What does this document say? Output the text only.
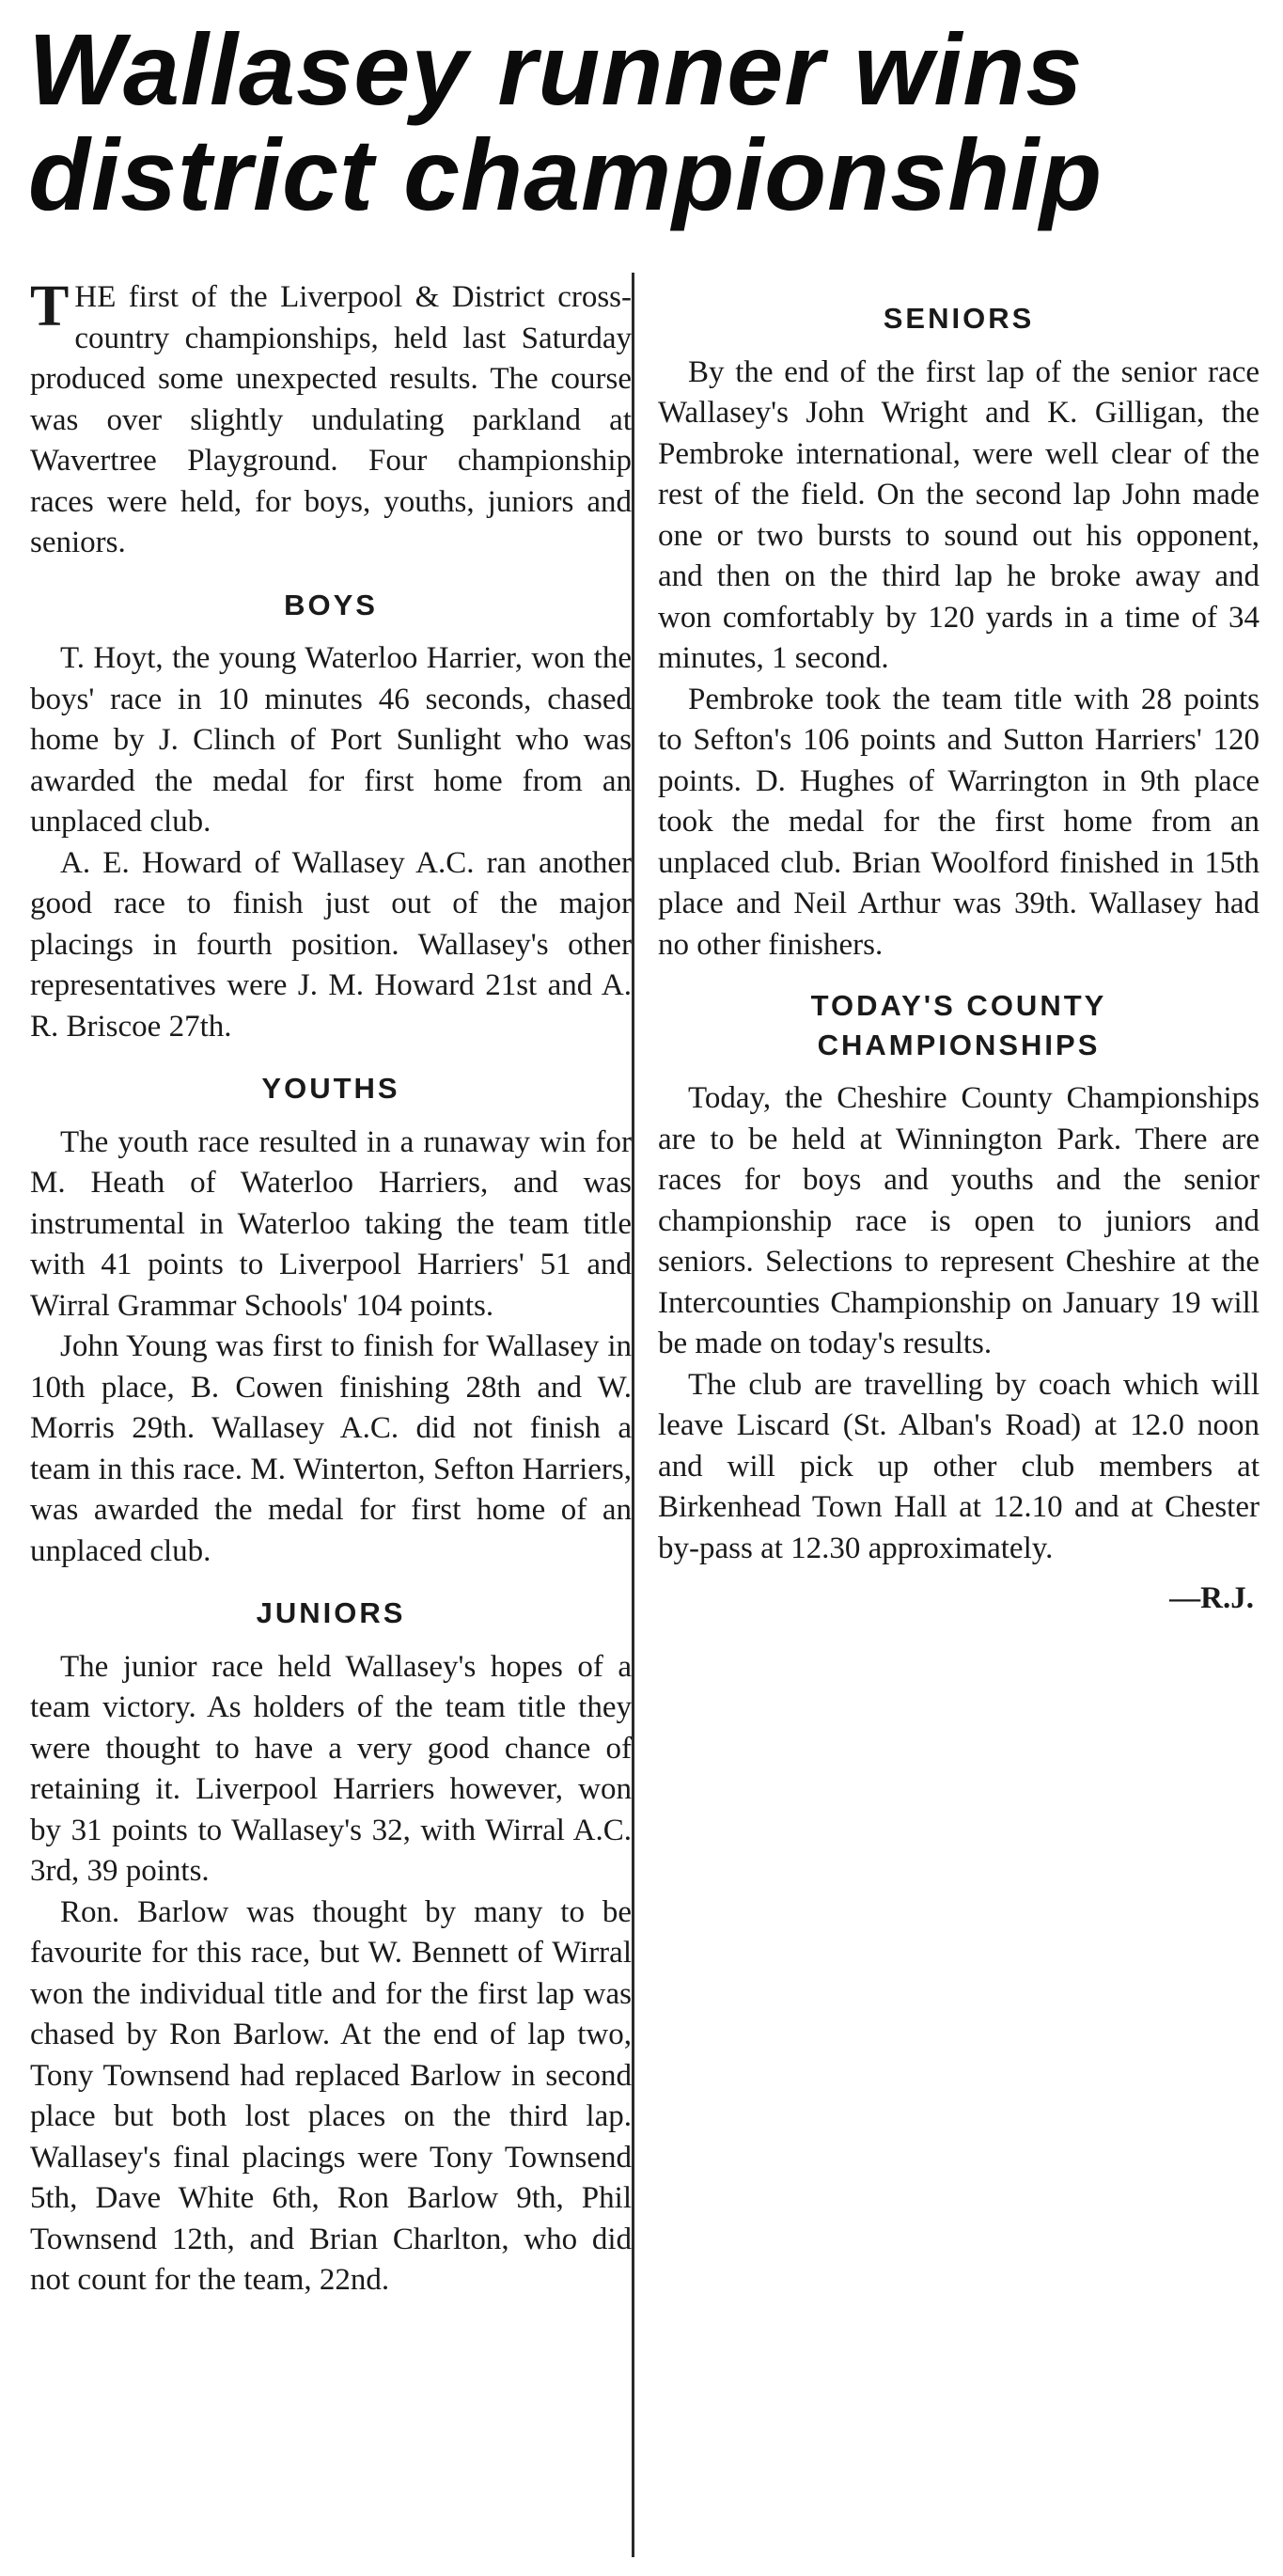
Wallasey runner wins
district championship

THE first of the Liverpool & District cross-country championships, held last Saturday produced some unexpected results. The course was over slightly undulating parkland at Wavertree Playground. Four championship races were held, for boys, youths, juniors and seniors.

BOYS

T. Hoyt, the young Waterloo Harrier, won the boys' race in 10 minutes 46 seconds, chased home by J. Clinch of Port Sunlight who was awarded the medal for first home from an unplaced club.

A. E. Howard of Wallasey A.C. ran another good race to finish just out of the major placings in fourth position. Wallasey's other representatives were J. M. Howard 21st and A. R. Briscoe 27th.

YOUTHS

The youth race resulted in a runaway win for M. Heath of Waterloo Harriers, and was instrumental in Waterloo taking the team title with 41 points to Liverpool Harriers' 51 and Wirral Grammar Schools' 104 points.

John Young was first to finish for Wallasey in 10th place, B. Cowen finishing 28th and W. Morris 29th. Wallasey A.C. did not finish a team in this race. M. Winterton, Sefton Harriers, was awarded the medal for first home of an unplaced club.

JUNIORS

The junior race held Wallasey's hopes of a team victory. As holders of the team title they were thought to have a very good chance of retaining it. Liverpool Harriers however, won by 31 points to Wallasey's 32, with Wirral A.C. 3rd, 39 points.

Ron. Barlow was thought by many to be favourite for this race, but W. Bennett of Wirral won the individual title and for the first lap was chased by Ron Barlow. At the end of lap two, Tony Townsend had replaced Barlow in second place but both lost places on the third lap. Wallasey's final placings were Tony Townsend 5th, Dave White 6th, Ron Barlow 9th, Phil Townsend 12th, and Brian Charlton, who did not count for the team, 22nd.

SENIORS

By the end of the first lap of the senior race Wallasey's John Wright and K. Gilligan, the Pembroke international, were well clear of the rest of the field. On the second lap John made one or two bursts to sound out his opponent, and then on the third lap he broke away and won comfortably by 120 yards in a time of 34 minutes, 1 second.

Pembroke took the team title with 28 points to Sefton's 106 points and Sutton Harriers' 120 points. D. Hughes of Warrington in 9th place took the medal for the first home from an unplaced club. Brian Woolford finished in 15th place and Neil Arthur was 39th. Wallasey had no other finishers.

TODAY'S COUNTY
CHAMPIONSHIPS

Today, the Cheshire County Championships are to be held at Winnington Park. There are races for boys and youths and the senior championship race is open to juniors and seniors. Selections to represent Cheshire at the Intercounties Championship on January 19 will be made on today's results.

The club are travelling by coach which will leave Liscard (St. Alban's Road) at 12.0 noon and will pick up other club members at Birkenhead Town Hall at 12.10 and at Chester by-pass at 12.30 approximately.

—R.J.
